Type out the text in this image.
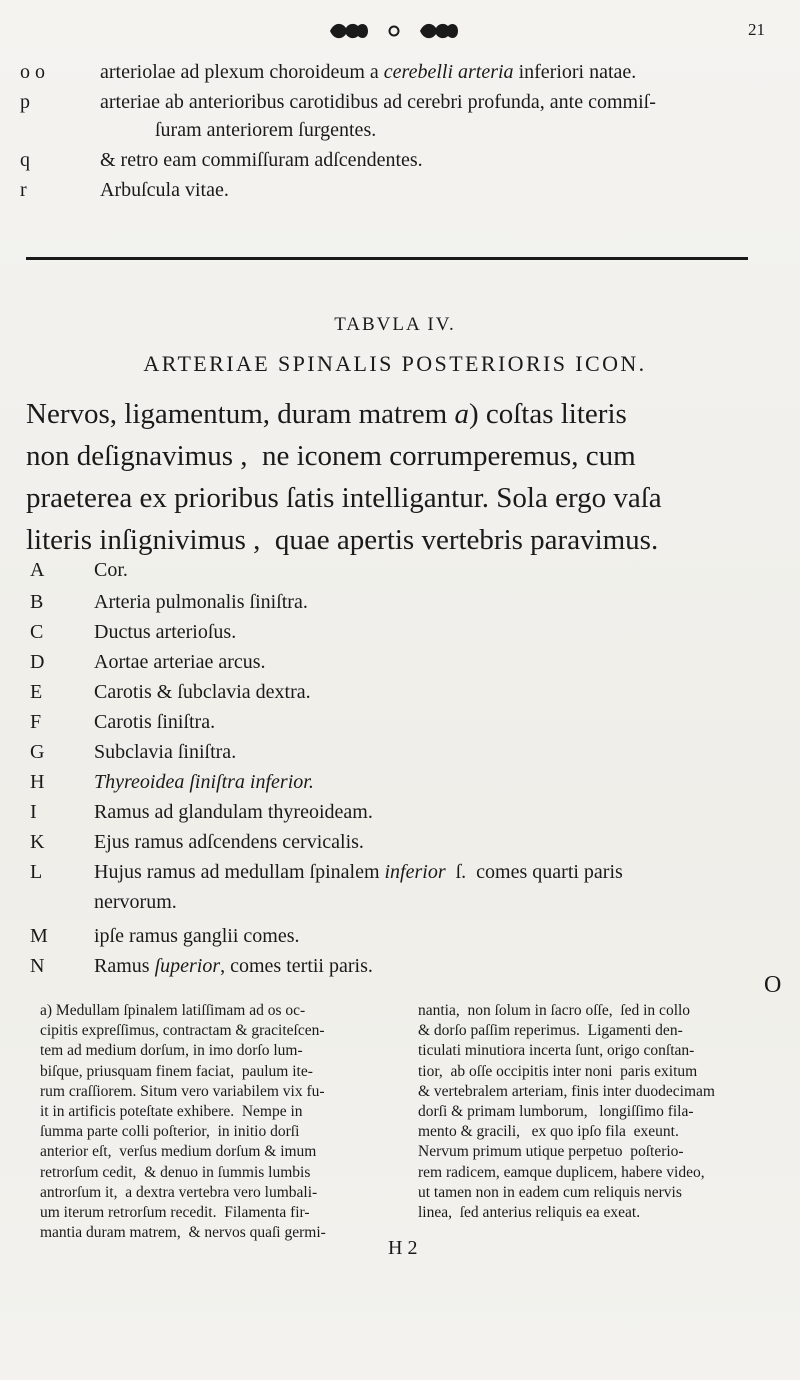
21
o o	arteriolae ad plexum choroideum a cerebelli arteria inferiori natae.
p	arteriae ab anterioribus carotidibus ad cerebri profunda, ante commiſ-
ſuram anteriorem ſurgentes.
q	& retro eam commiſſuram adſcendentes.
r	Arbuſcula vitae.
TABVLA IV.
ARTERIAE SPINALIS POSTERIORIS ICON.
Nervos, ligamentum, duram matrem a) coſtas literis
non deſignavimus ,  ne iconem corrumperemus, cum
praeterea ex prioribus ſatis intelligantur. Sola ergo vaſa
literis inſignivimus ,  quae apertis vertebris paravimus.
A	Cor.
B	Arteria pulmonalis ſiniſtra.
C	Ductus arterioſus.
D	Aortae arteriae arcus.
E	Carotis & ſubclavia dextra.
F	Carotis ſiniſtra.
G	Subclavia ſiniſtra.
H	Thyreoidea ſiniſtra inferior.
I	Ramus ad glandulam thyreoideam.
K	Ejus ramus adſcendens cervicalis.
L	Hujus ramus ad medullam ſpinalem inferior  ſ.  comes quarti paris
nervorum.
M	ipſe ramus ganglii comes.
N	Ramus ſuperior, comes tertii paris.
O
a) Medullam ſpinalem latiſſimam ad os oc-
cipitis expreſſimus, contractam & graciteſcen-
tem ad medium dorſum, in imo dorſo lum-
biſque, priusquam finem faciat,  paulum ite-
rum craſſiorem. Situm vero variabilem vix fu-
it in artificis poteſtate exhibere.  Nempe in
ſumma parte colli poſterior,  in initio dorſi
anterior eſt,  verſus medium dorſum & imum
retrorſum cedit,  & denuo in ſummis lumbis
antrorſum it,  a dextra vertebra vero lumbali-
um iterum retrorſum recedit.  Filamenta fir-
mantia duram matrem,  & nervos quaſi germi-
nantia,  non ſolum in ſacro oſſe,  ſed in collo
& dorſo paſſim reperimus.  Ligamenti den-
ticulati minutiora incerta ſunt, origo conſtan-
tior,  ab oſſe occipitis inter noni  paris exitum
& vertebralem arteriam, finis inter duodecimam
dorſi & primam lumborum,   longiſſimo fila-
mento & gracili,   ex quo ipſo fila  exeunt.
Nervum primum utique perpetuo  poſterio-
rem radicem, eamque duplicem, habere video,
ut tamen non in eadem cum reliquis nervis
linea,  ſed anterius reliquis ea exeat.
H 2
